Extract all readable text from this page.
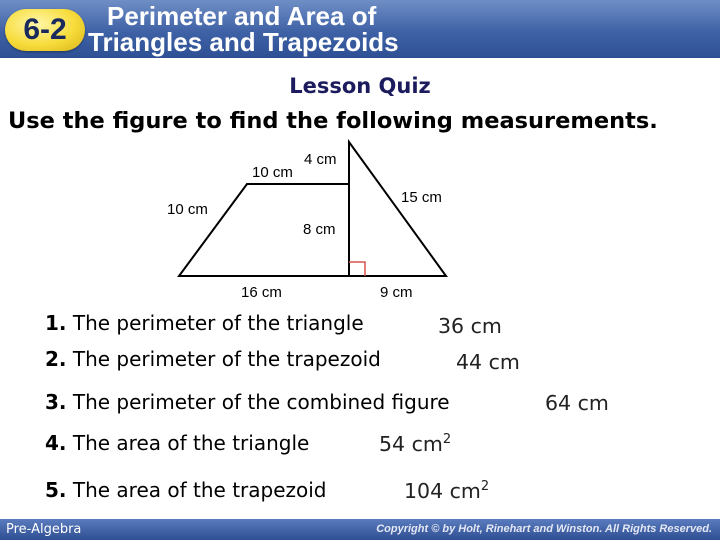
6-2	Perimeter and Area of
Triangles and Trapezoids
Lesson Quiz
Use the figure to find the following measurements.
10 cm
4 cm
10 cm
8 cm
15 cm
16 cm	9 cm
1. The perimeter of the triangle	36 cm
2. The perimeter of the trapezoid	44 cm
3. The perimeter of the combined figure	64 cm
4. The area of the triangle	54 $cm^2$
5. The area of the trapezoid	104 $cm^2$
Pre-Algebra	Copyright © by Holt, Rinehart and Winston. All Rights Reserved.
